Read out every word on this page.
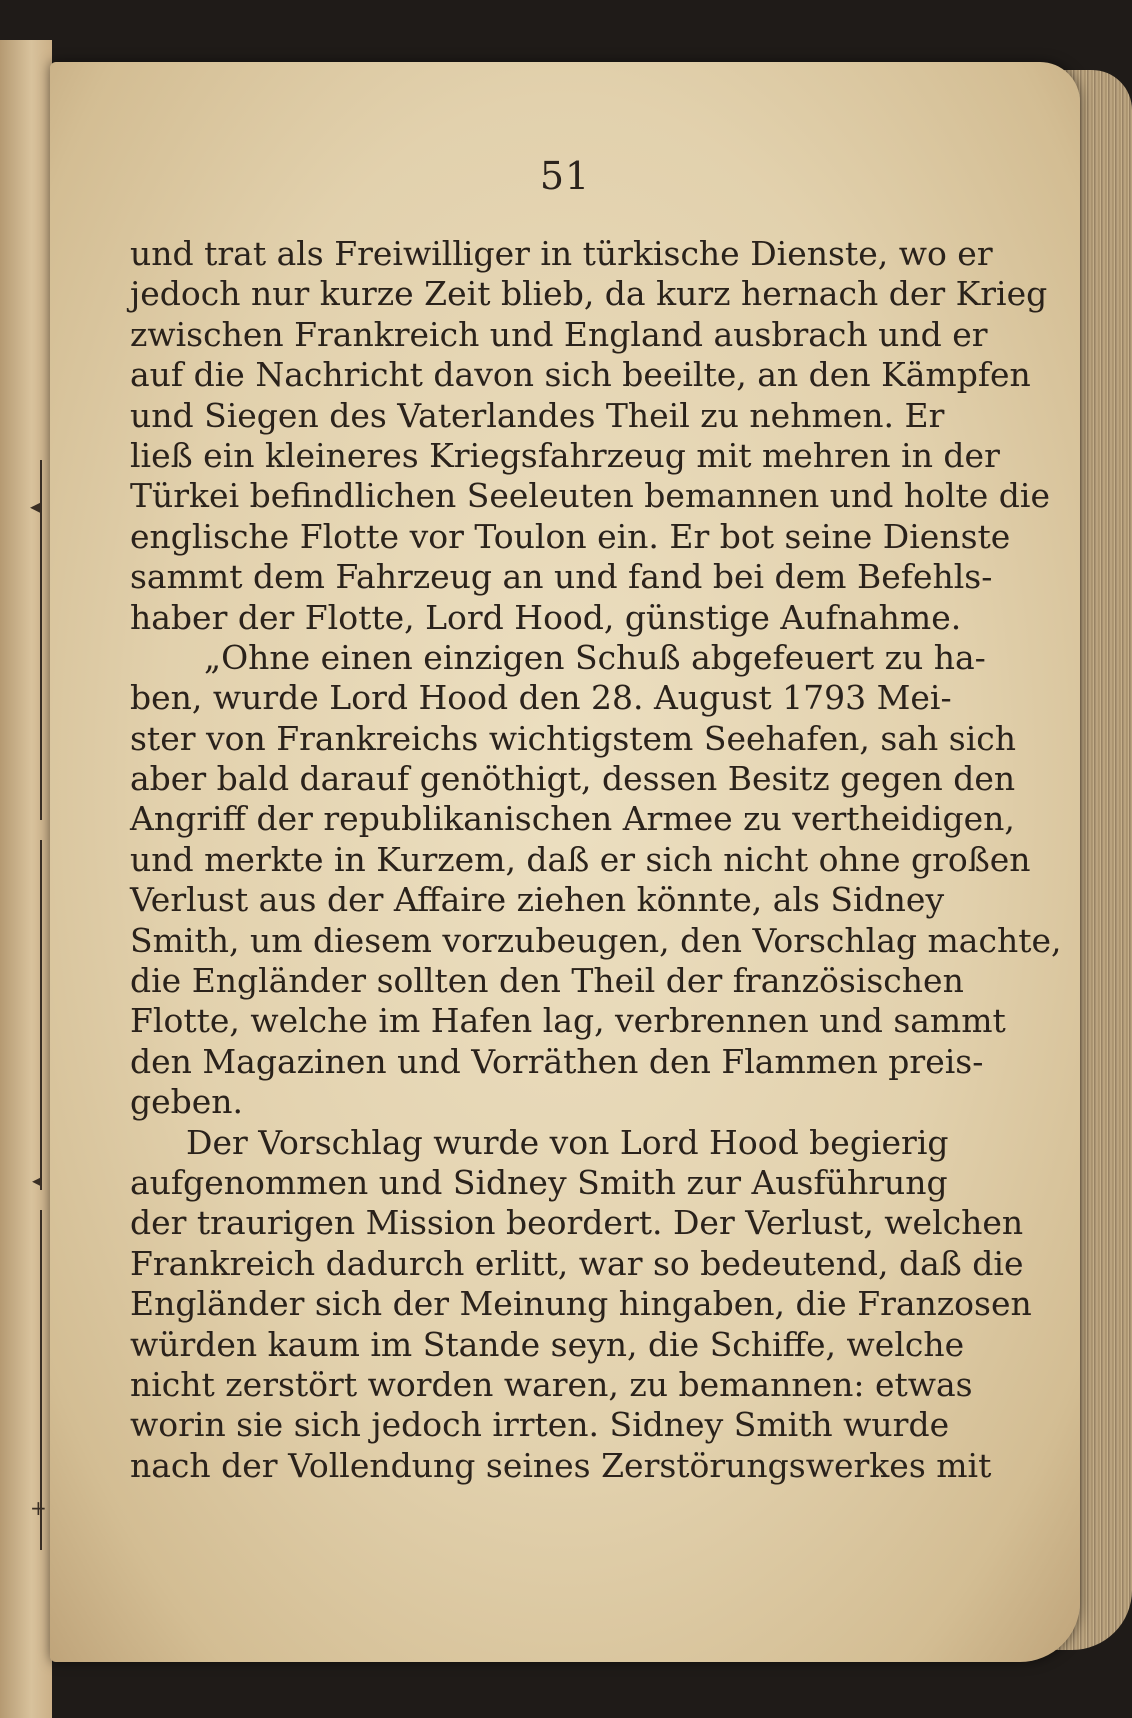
◂
◂
+
51
und trat als Freiwilliger in türkische Dienste, wo er
jedoch nur kurze Zeit blieb, da kurz hernach der Krieg
zwischen Frankreich und England ausbrach und er
auf die Nachricht davon sich beeilte, an den Kämpfen
und Siegen des Vaterlandes Theil zu nehmen. Er
ließ ein kleineres Kriegsfahrzeug mit mehren in der
Türkei befindlichen Seeleuten bemannen und holte die
englische Flotte vor Toulon ein. Er bot seine Dienste
sammt dem Fahrzeug an und fand bei dem Befehls-
haber der Flotte, Lord Hood, günstige Aufnahme.
„Ohne einen einzigen Schuß abgefeuert zu ha-
ben, wurde Lord Hood den 28. August 1793 Mei-
ster von Frankreichs wichtigstem Seehafen, sah sich
aber bald darauf genöthigt, dessen Besitz gegen den
Angriff der republikanischen Armee zu vertheidigen,
und merkte in Kurzem, daß er sich nicht ohne großen
Verlust aus der Affaire ziehen könnte, als Sidney
Smith, um diesem vorzubeugen, den Vorschlag machte,
die Engländer sollten den Theil der französischen
Flotte, welche im Hafen lag, verbrennen und sammt
den Magazinen und Vorräthen den Flammen preis-
geben.
Der Vorschlag wurde von Lord Hood begierig
aufgenommen und Sidney Smith zur Ausführung
der traurigen Mission beordert. Der Verlust, welchen
Frankreich dadurch erlitt, war so bedeutend, daß die
Engländer sich der Meinung hingaben, die Franzosen
würden kaum im Stande seyn, die Schiffe, welche
nicht zerstört worden waren, zu bemannen: etwas
worin sie sich jedoch irrten. Sidney Smith wurde
nach der Vollendung seines Zerstörungswerkes mit
